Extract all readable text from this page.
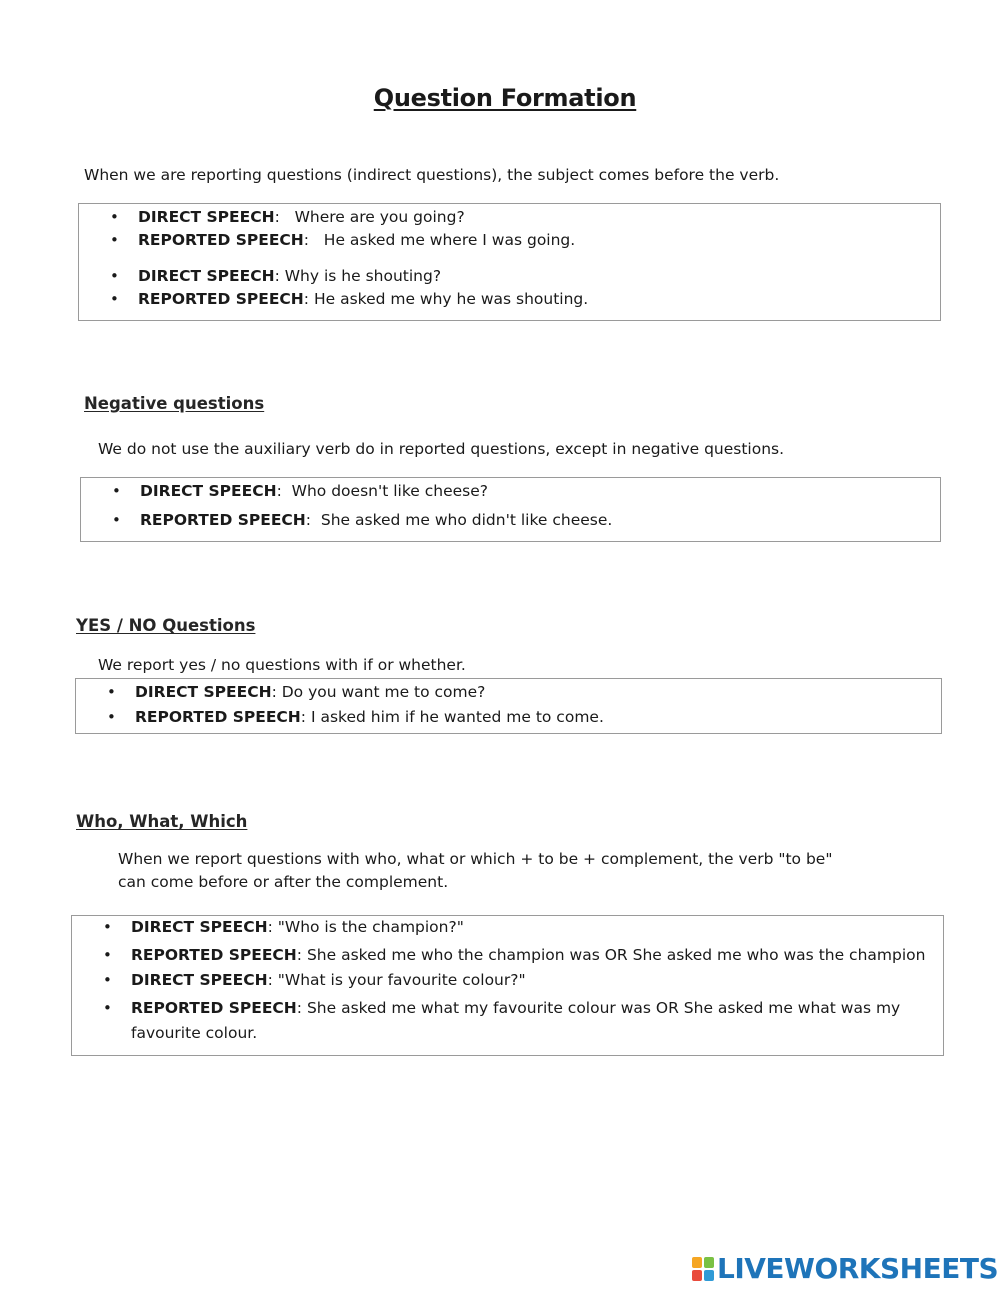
Question Formation

When we are reporting questions (indirect questions), the subject comes before the verb.

• DIRECT SPEECH: Where are you going?
• REPORTED SPEECH: He asked me where I was going.
• DIRECT SPEECH: Why is he shouting?
• REPORTED SPEECH: He asked me why he was shouting.
Negative questions

We do not use the auxiliary verb do in reported questions, except in negative questions.

• DIRECT SPEECH: Who doesn't like cheese?
• REPORTED SPEECH: She asked me who didn't like cheese.
YES / NO Questions

We report yes / no questions with if or whether.

• DIRECT SPEECH: Do you want me to come?
• REPORTED SPEECH: I asked him if he wanted me to come.
Who, What, Which

When we report questions with who, what or which + to be + complement, the verb "to be"

can come before or after the complement.

• DIRECT SPEECH: "Who is the champion?"
• REPORTED SPEECH: She asked me who the champion was OR She asked me who was the champion
• DIRECT SPEECH: "What is your favourite colour?"
• REPORTED SPEECH: She asked me what my favourite colour was OR She asked me what was my
favourite colour.
LIVEWORKSHEETS
